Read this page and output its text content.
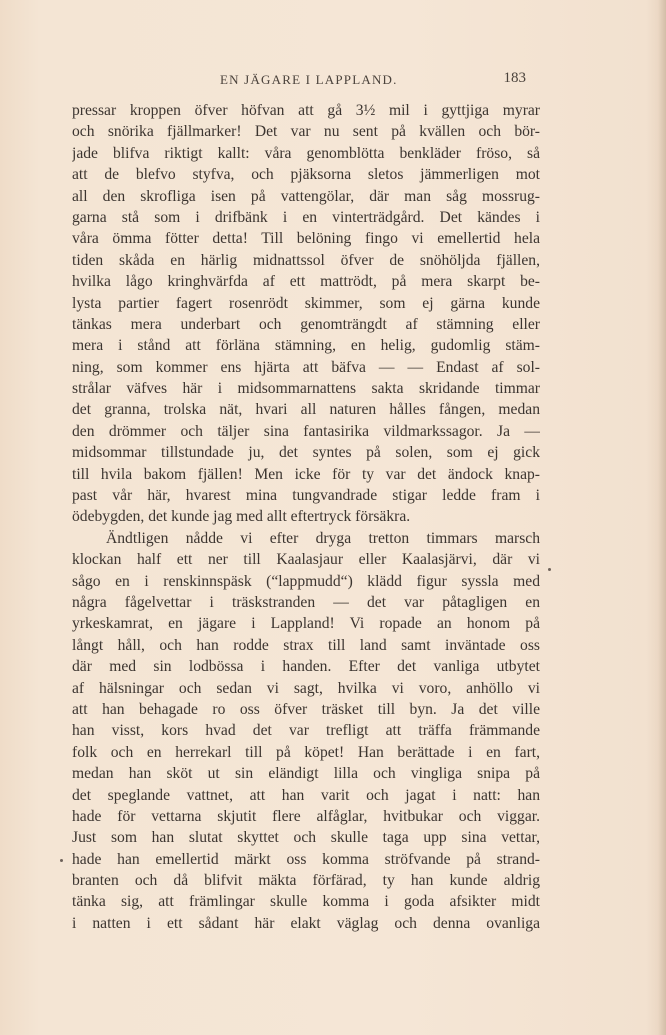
EN JÄGARE I LAPPLAND.	183
pressar kroppen öfver höfvan att gå 3½ mil i gyttjiga myrar
och snörika fjällmarker! Det var nu sent på kvällen och bör-
jade blifva riktigt kallt: våra genomblötta benkläder fröso, så
att de blefvo styfva, och pjäksorna sletos jämmerligen mot
all den skrofliga isen på vattengölar, där man såg mossrug-
garna stå som i drifbänk i en vinterträdgård. Det kändes i
våra ömma fötter detta! Till belöning fingo vi emellertid hela
tiden skåda en härlig midnattssol öfver de snöhöljda fjällen,
hvilka lågo kringhvärfda af ett mattrödt, på mera skarpt be-
lysta partier fagert rosenrödt skimmer, som ej gärna kunde
tänkas mera underbart och genomträngdt af stämning eller
mera i stånd att förläna stämning, en helig, gudomlig stäm-
ning, som kommer ens hjärta att bäfva — — Endast af sol-
strålar väfves här i midsommarnattens sakta skridande timmar
det granna, trolska nät, hvari all naturen hålles fången, medan
den drömmer och täljer sina fantasirika vildmarkssagor. Ja —
midsommar tillstundade ju, det syntes på solen, som ej gick
till hvila bakom fjällen! Men icke för ty var det ändock knap-
past vår här, hvarest mina tungvandrade stigar ledde fram i
ödebygden, det kunde jag med allt eftertryck försäkra.
Ändtligen nådde vi efter dryga tretton timmars marsch
klockan half ett ner till Kaalasjaur eller Kaalasjärvi, där vi
sågo en i renskinnspäsk (“lappmudd“) klädd figur syssla med
några fågelvettar i träskstranden — det var påtagligen en
yrkeskamrat, en jägare i Lappland! Vi ropade an honom på
långt håll, och han rodde strax till land samt inväntade oss
där med sin lodbössa i handen. Efter det vanliga utbytet
af hälsningar och sedan vi sagt, hvilka vi voro, anhöllo vi
att han behagade ro oss öfver träsket till byn. Ja det ville
han visst, kors hvad det var trefligt att träffa främmande
folk och en herrekarl till på köpet! Han berättade i en fart,
medan han sköt ut sin eländigt lilla och vingliga snipa på
det speglande vattnet, att han varit och jagat i natt: han
hade för vettarna skjutit flere alfåglar, hvitbukar och viggar.
Just som han slutat skyttet och skulle taga upp sina vettar,
hade han emellertid märkt oss komma ströfvande på strand-
branten och då blifvit mäkta förfärad, ty han kunde aldrig
tänka sig, att främlingar skulle komma i goda afsikter midt
i natten i ett sådant här elakt väglag och denna ovanliga
